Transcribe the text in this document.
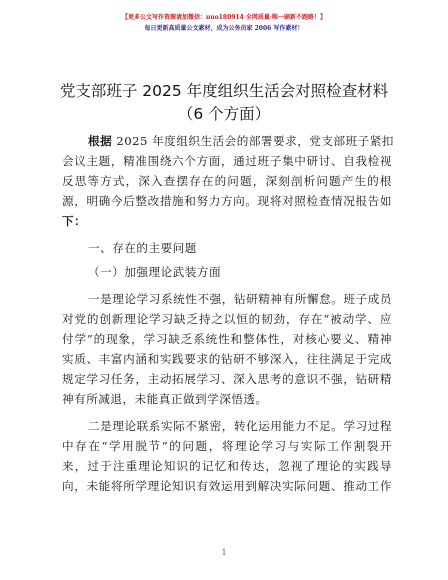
【更多公文写作资源请加微信：nuo180914 全网质量·唯一刷新不跑路！】
每日更新高质量公文素材，成为公务员家 2006 写作素材！
党支部班子 2025 年度组织生活会对照检查材料
（6 个方面）
根据 2025 年度组织生活会的部署要求，党支部班子紧扣
会议主题，精准围绕六个方面，通过班子集中研讨、自我检视
反思等方式，深入查摆存在的问题，深刻剖析问题产生的根
源，明确今后整改措施和努力方向。现将对照检查情况报告如
下：
一、存在的主要问题
（一）加强理论武装方面
一是理论学习系统性不强，钻研精神有所懈怠。班子成员
对党的创新理论学习缺乏持之以恒的韧劲，存在“被动学、应
付学”的现象，学习缺乏系统性和整体性，对核心要义、精神
实质、丰富内涵和实践要求的钻研不够深入，往往满足于完成
规定学习任务，主动拓展学习、深入思考的意识不强，钻研精
神有所减退，未能真正做到学深悟透。
二是理论联系实际不紧密，转化运用能力不足。学习过程
中存在“学用脱节”的问题，将理论学习与实际工作割裂开
来，过于注重理论知识的记忆和传达，忽视了理论的实践导
向，未能将所学理论知识有效运用到解决实际问题、推动工作
1
